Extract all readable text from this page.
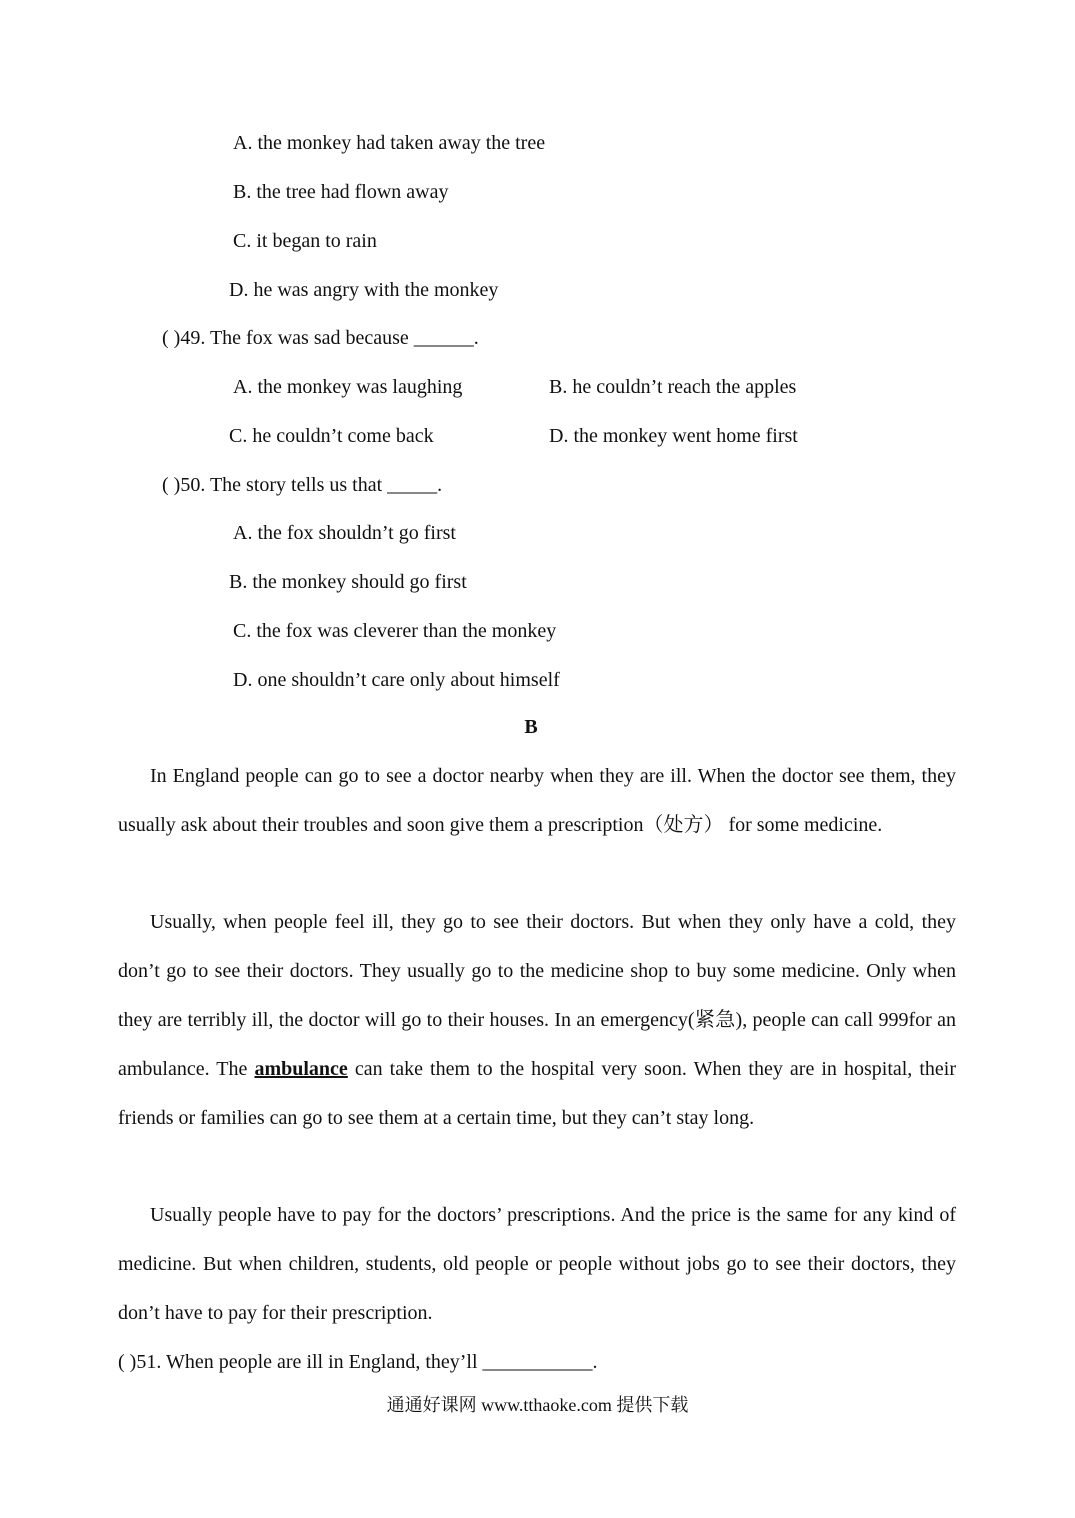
A. the monkey had taken away the tree
B. the tree had flown away
C. it began to rain
D. he was angry with the monkey
( )49. The fox was sad because ______.
A. the monkey was laughing	B. he couldn’t reach the apples
C. he couldn’t come back	D. the monkey went home first
( )50. The story tells us that _____.
A. the fox shouldn’t go first
B. the monkey should go first
C. the fox was cleverer than the monkey
D. one shouldn’t care only about himself
B
In England people can go to see a doctor nearby when they are ill. When the doctor see them, they usually ask about their troubles and soon give them a prescription（处方） for some medicine.
Usually, when people feel ill, they go to see their doctors. But when they only have a cold, they don’t go to see their doctors. They usually go to the medicine shop to buy some medicine. Only when they are terribly ill, the doctor will go to their houses. In an emergency(紧急), people can call 999for an ambulance. The ambulance can take them to the hospital very soon. When they are in hospital, their friends or families can go to see them at a certain time, but they can’t stay long.
Usually people have to pay for the doctors’ prescriptions. And the price is the same for any kind of medicine. But when children, students, old people or people without jobs go to see their doctors, they don’t have to pay for their prescription.
( )51. When people are ill in England, they’ll ___________.
通通好课网 www.tthaoke.com 提供下载
